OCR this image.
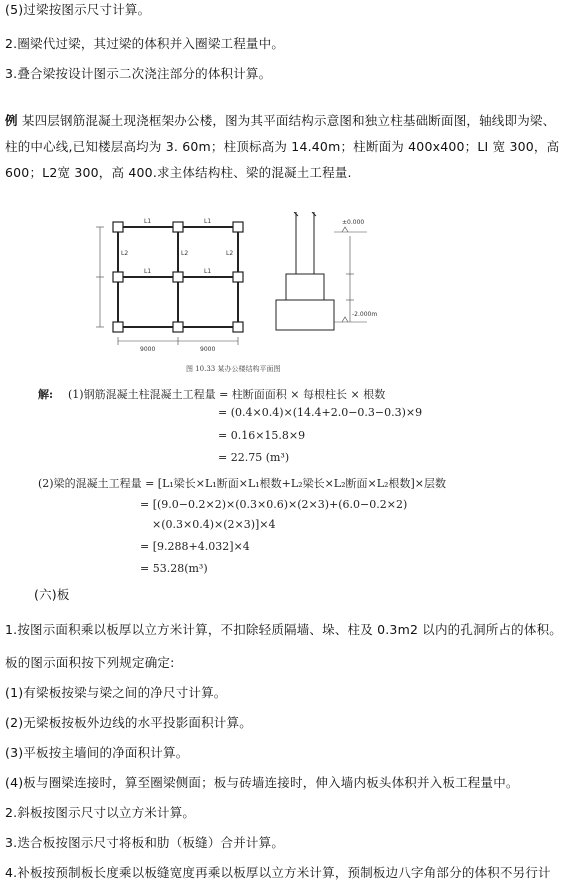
(5)过梁按图示尺寸计算。
2.圈梁代过梁，其过梁的体积并入圈梁工程量中。
3.叠合梁按设计图示二次浇注部分的体积计算。
例 某四层钢筋混凝土现浇框架办公楼，图为其平面结构示意图和独立柱基础断面图，轴线即为梁、柱的中心线,已知楼层高均为 3. 60m；柱顶标高为 14.40m；柱断面为 400x400；LI 宽 300，高 600；L2宽 300，高 400.求主体结构柱、梁的混凝土工程量.
L1	L1
L1	L1
L2	L2	L2
9000	9000
±0.000
-2.000m
图 10.33 某办公楼结构平面图
解: (1)钢筋混凝土柱混凝土工程量 = 柱断面面积 × 每根柱长 × 根数
= (0.4×0.4)×(14.4+2.0−0.3−0.3)×9
= 0.16×15.8×9
= 22.75 (m³)
(2)梁的混凝土工程量 = [L₁梁长×L₁断面×L₁根数+L₂梁长×L₂断面×L₂根数]×层数
= [(9.0−0.2×2)×(0.3×0.6)×(2×3)+(6.0−0.2×2)
×(0.3×0.4)×(2×3)]×4
= [9.288+4.032]×4
= 53.28(m³)
(六)板
1.按图示面积乘以板厚以立方米计算，不扣除轻质隔墙、垛、柱及 0.3m2 以内的孔洞所占的体积。
板的图示面积按下列规定确定:
(1)有梁板按梁与梁之间的净尺寸计算。
(2)无梁板按板外边线的水平投影面积计算。
(3)平板按主墙间的净面积计算。
(4)板与圈梁连接时，算至圈梁侧面；板与砖墙连接时，伸入墙内板头体积并入板工程量中。
2.斜板按图示尺寸以立方米计算。
3.迭合板按图示尺寸将板和肋（板缝）合并计算。
4.补板按预制板长度乘以板缝宽度再乘以板厚以立方米计算，预制板边八字角部分的体积不另行计
